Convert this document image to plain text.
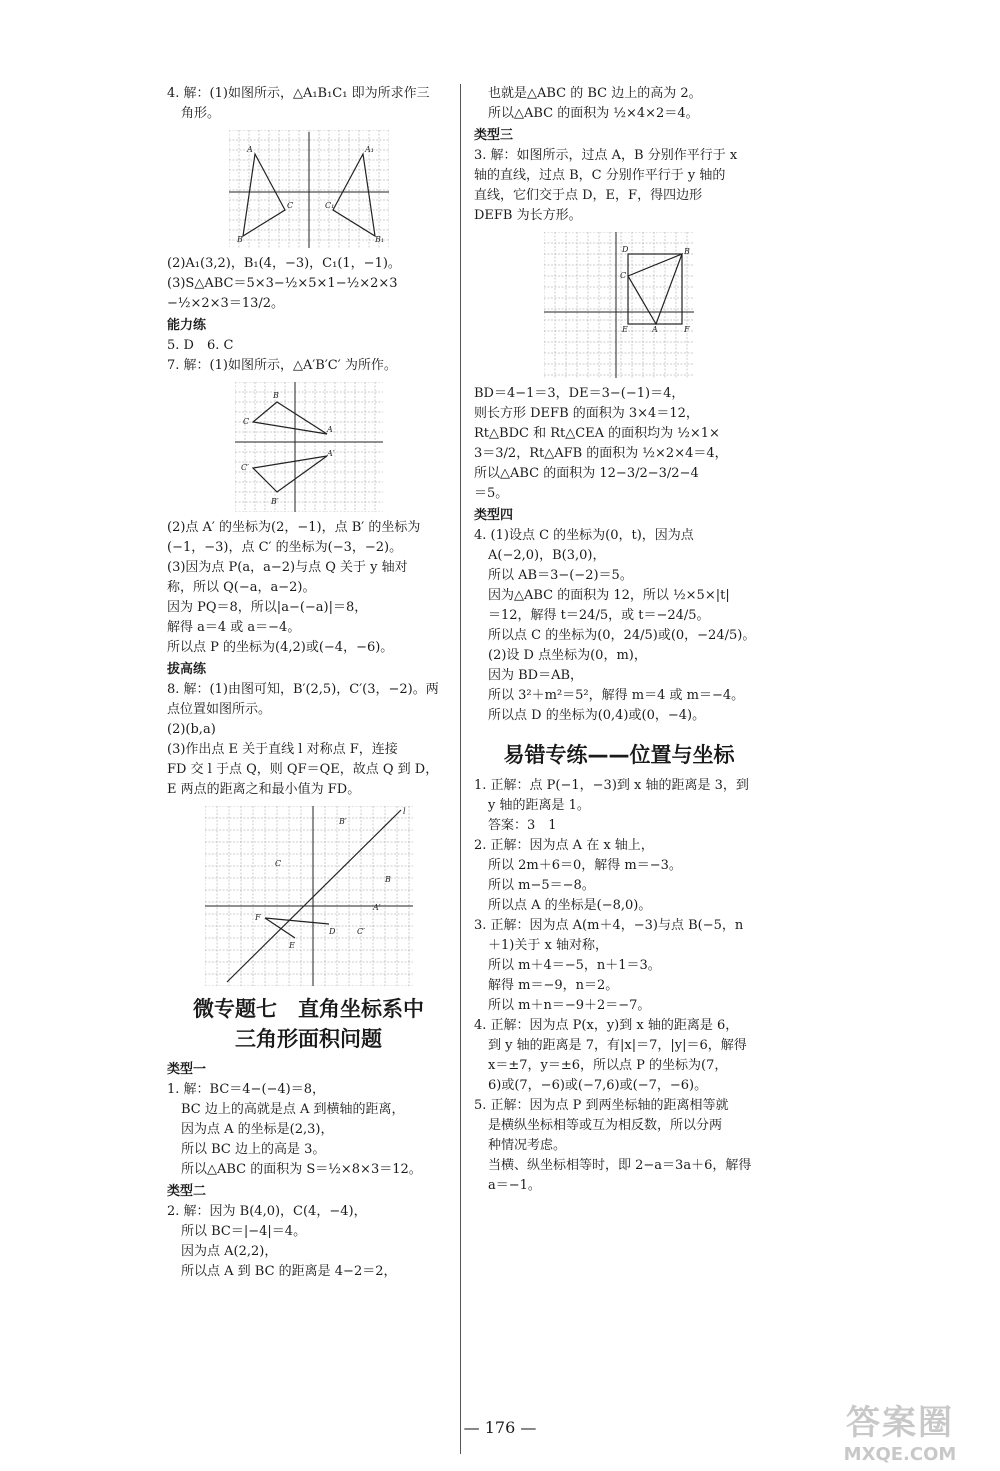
4. 解：(1)如图所示，△A₁B₁C₁ 即为所求作三

角形。

A
B
C
A₁
B₁
C₁

(2)A₁(3,2)，B₁(4，−3)，C₁(1，−1)。

(3)S△ABC＝5×3−½×5×1−½×2×3

−½×2×3＝13/2。

能力练

5. D　6. C

7. 解：(1)如图所示，△A′B′C′ 为所作。

B
C
A
B′
C′
A′

(2)点 A′ 的坐标为(2，−1)，点 B′ 的坐标为

(−1，−3)，点 C′ 的坐标为(−3，−2)。

(3)因为点 P(a，a−2)与点 Q 关于 y 轴对

称，所以 Q(−a，a−2)。

因为 PQ＝8，所以|a−(−a)|＝8，

解得 a＝4 或 a＝−4。

所以点 P 的坐标为(4,2)或(−4，−6)。

拔高练

8. 解：(1)由图可知，B′(2,5)，C′(3，−2)。两

点位置如图所示。

(2)(b,a)

(3)作出点 E 关于直线 l 对称点 F，连接

FD 交 l 于点 Q，则 QF＝QE，故点 Q 到 D，

E 两点的距离之和最小值为 FD。

B′
C
B
A′
F
E
D	C′
l
微专题七　直角坐标系中
三角形面积问题

类型一

1. 解：BC＝4−(−4)＝8，

BC 边上的高就是点 A 到横轴的距离，

因为点 A 的坐标是(2,3)，

所以 BC 边上的高是 3。

所以△ABC 的面积为 S＝½×8×3＝12。

类型二

2. 解：因为 B(4,0)，C(4，−4)，

所以 BC＝|−4|＝4。

因为点 A(2,2)，

所以点 A 到 BC 的距离是 4−2＝2，

也就是△ABC 的 BC 边上的高为 2。

所以△ABC 的面积为 ½×4×2＝4。

类型三

3. 解：如图所示，过点 A，B 分别作平行于 x

轴的直线，过点 B，C 分别作平行于 y 轴的

直线，它们交于点 D，E，F，得四边形

DEFB 为长方形。

D	B
C
E	A	F

BD＝4−1＝3，DE＝3−(−1)＝4，

则长方形 DEFB 的面积为 3×4＝12，

Rt△BDC 和 Rt△CEA 的面积均为 ½×1×

3＝3/2，Rt△AFB 的面积为 ½×2×4＝4，

所以△ABC 的面积为 12−3/2−3/2−4

＝5。

类型四

4. (1)设点 C 的坐标为(0，t)，因为点

A(−2,0)，B(3,0)，

所以 AB＝3−(−2)＝5。

因为△ABC 的面积为 12，所以 ½×5×|t|

＝12，解得 t＝24/5，或 t＝−24/5。

所以点 C 的坐标为(0，24/5)或(0，−24/5)。

(2)设 D 点坐标为(0，m)，

因为 BD＝AB，

所以 3²＋m²＝5²，解得 m＝4 或 m＝−4。

所以点 D 的坐标为(0,4)或(0，−4)。

易错专练——位置与坐标

1. 正解：点 P(−1，−3)到 x 轴的距离是 3，到

y 轴的距离是 1。

答案：3　1

2. 正解：因为点 A 在 x 轴上，

所以 2m＋6＝0，解得 m＝−3。

所以 m−5＝−8。

所以点 A 的坐标是(−8,0)。

3. 正解：因为点 A(m＋4，−3)与点 B(−5，n

＋1)关于 x 轴对称，

所以 m＋4＝−5，n＋1＝3。

解得 m＝−9，n＝2。

所以 m＋n＝−9＋2＝−7。

4. 正解：因为点 P(x，y)到 x 轴的距离是 6，

到 y 轴的距离是 7，有|x|＝7，|y|＝6，解得

x＝±7，y＝±6，所以点 P 的坐标为(7，

6)或(7，−6)或(−7,6)或(−7，−6)。

5. 正解：因为点 P 到两坐标轴的距离相等就

是横纵坐标相等或互为相反数，所以分两

种情况考虑。

当横、纵坐标相等时，即 2−a＝3a＋6，解得

a＝−1。

— 176 —	答案圈
MXQE.COM
